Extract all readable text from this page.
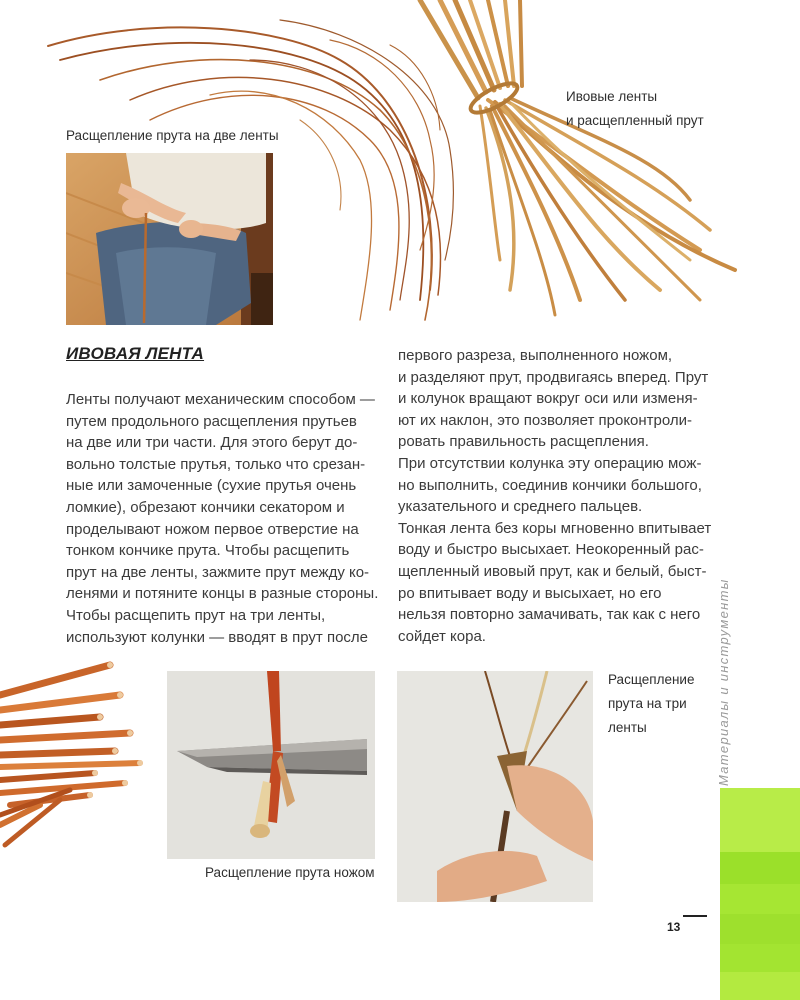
Ивовые ленты
и расщепленный прут
Расщепление прута на две ленты
ИВОВАЯ ЛЕНТА
Ленты получают механическим способом —
путем продольного расщепления прутьев
на две или три части. Для этого берут до-
вольно толстые прутья, только что срезан-
ные или замоченные (сухие прутья очень
ломкие), обрезают кончики секатором и
проделывают ножом первое отверстие на
тонком кончике прута. Чтобы расщепить
прут на две ленты, зажмите прут между ко-
ленями и потяните концы в разные стороны.
Чтобы расщепить прут на три ленты,
используют колунки — вводят в прут после
первого разреза, выполненного ножом,
и разделяют прут, продвигаясь вперед. Прут
и колунок вращают вокруг оси или изменя-
ют их наклон, это позволяет проконтроли-
ровать правильность расщепления.
При отсутствии колунка эту операцию мож-
но выполнить, соединив кончики большого,
указательного и среднего пальцев.
Тонкая лента без коры мгновенно впитывает
воду и быстро высыхает. Неокоренный рас-
щепленный ивовый прут, как и белый, быст-
ро впитывает воду и высыхает, но его
нельзя повторно замачивать, так как с него
сойдет кора.
Расщепление прута ножом
Расщепление
прута на три
ленты	Материалы и инструменты
13
